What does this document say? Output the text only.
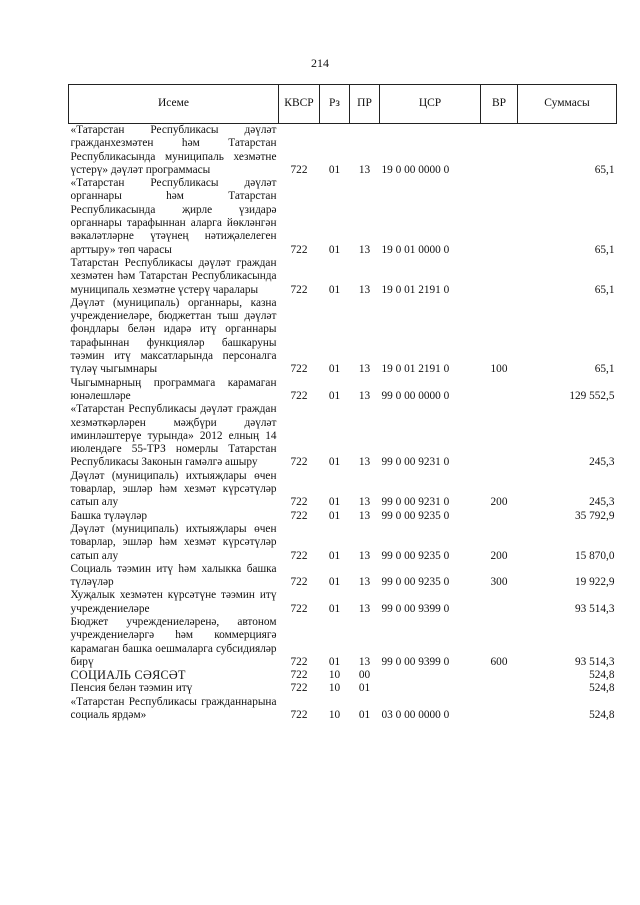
214
Исеме	КВСР	Рз	ПР	ЦСР	ВР	Суммасы
«Татарстан Республикасы дәүләт гражданхезмәтен һәм Татарстан Республикасында муниципаль хезмәтне үстерү» дәүләт программасы	722	01	13	19 0 00 0000 0		65,1
«Татарстан Республикасы дәүләт органнары һәм Татарстан Республикасында җирле үзидарә органнары тарафыннан аларга йөкләнгән вәкаләтләрне үтәүнең нәтиҗәлелеген арттыру» төп чарасы	722	01	13	19 0 01 0000 0		65,1
Татарстан Республикасы дәүләт граждан хезмәтен һәм Татарстан Республикасында муниципаль хезмәтне үстерү чаралары	722	01	13	19 0 01 2191 0		65,1
Дәүләт (муниципаль) органнары, казна учреждениеләре, бюджеттан тыш дәүләт фондлары белән идарә итү органнары тарафыннан функцияләр башкаруны тәэмин итү максатларында персоналга түләү чыгымнары	722	01	13	19 0 01 2191 0	100	65,1
Чыгымнарның программага карамаган юнәлешләре	722	01	13	99 0 00 0000 0		129 552,5
«Татарстан Республикасы дәүләт граждан хезмәткәрләрен мәҗбүри дәүләт иминләштерүе турында» 2012 елның 14 июлендәге 55-ТРЗ номерлы Татарстан Республикасы Законын гамәлгә ашыру	722	01	13	99 0 00 9231 0		245,3
Дәүләт (муниципаль) ихтыяҗлары өчен товарлар, эшләр һәм хезмәт күрсәтүләр сатып алу	722	01	13	99 0 00 9231 0	200	245,3
Башка түләүләр	722	01	13	99 0 00 9235 0		35 792,9
Дәүләт (муниципаль) ихтыяҗлары өчен товарлар, эшләр һәм хезмәт күрсәтүләр сатып алу	722	01	13	99 0 00 9235 0	200	15 870,0
Социаль тәэмин итү һәм халыкка башка түләүләр	722	01	13	99 0 00 9235 0	300	19 922,9
Хуҗалык хезмәтен күрсәтүне тәэмин итү учреждениеләре	722	01	13	99 0 00 9399 0		93 514,3
Бюджет учреждениеләренә, автоном учреждениеләргә һәм коммерциягә карамаган башка оешмаларга субсидияләр бирү	722	01	13	99 0 00 9399 0	600	93 514,3
СОЦИАЛЬ СӘЯСӘТ	722	10	00			524,8
Пенсия белән тәэмин итү	722	10	01			524,8
«Татарстан Республикасы гражданнарына социаль ярдәм»	722	10	01	03 0 00 0000 0		524,8
